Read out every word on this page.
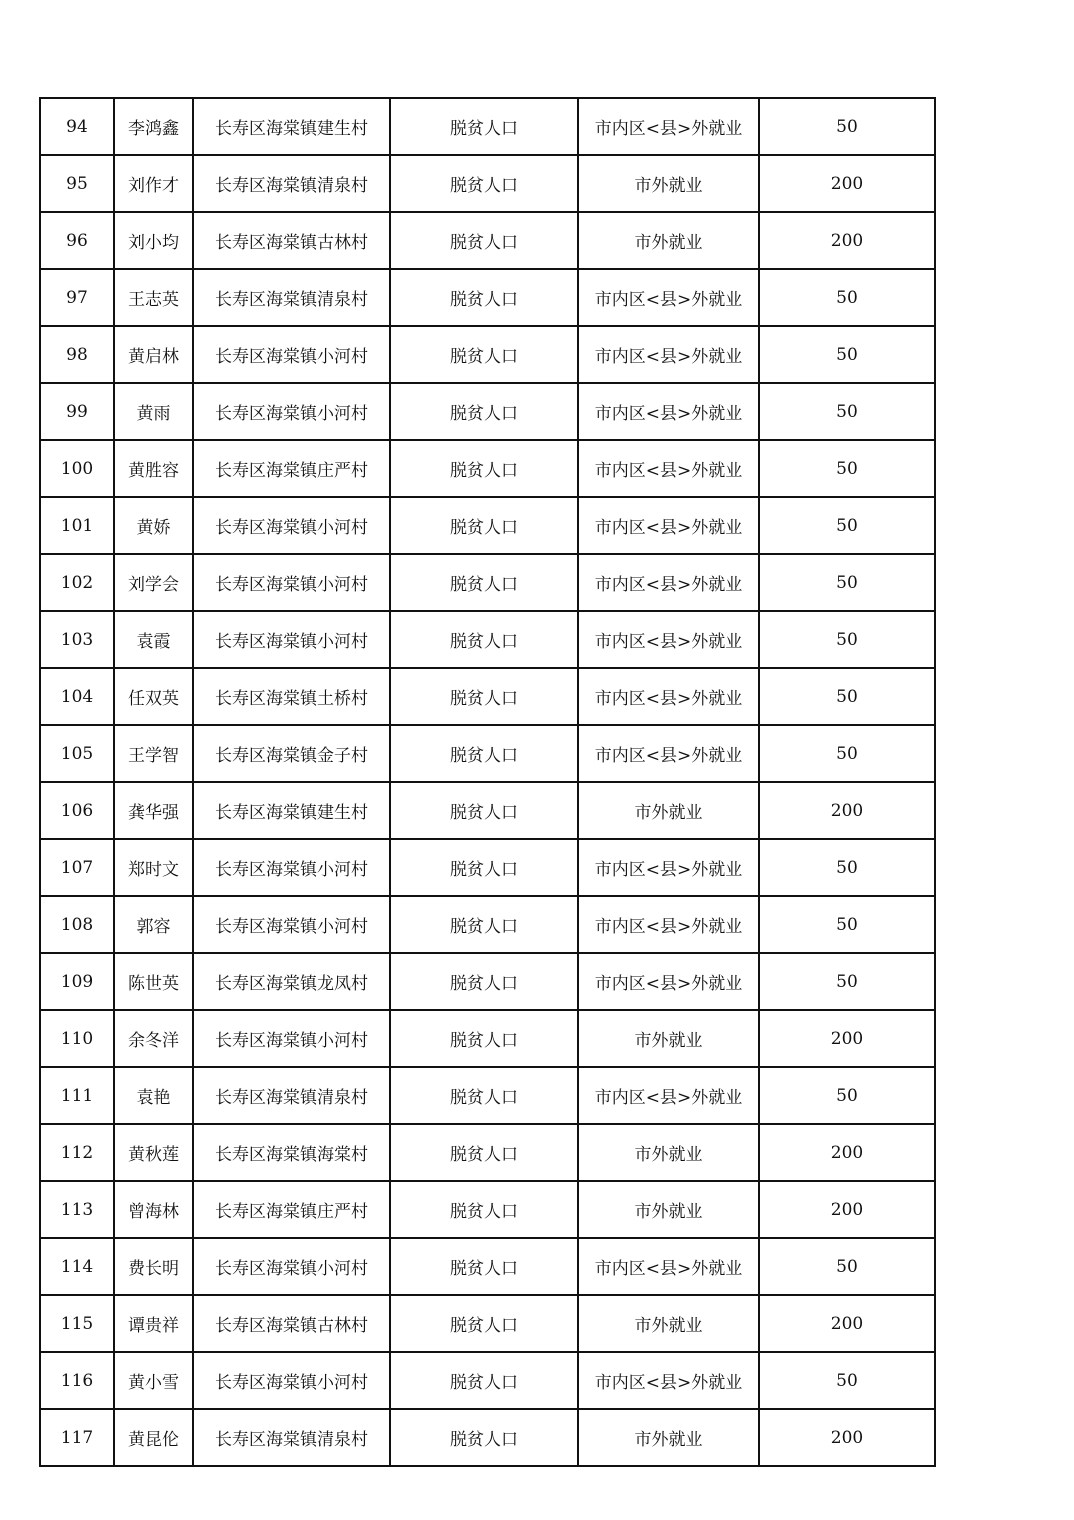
94	李鸿鑫	长寿区海棠镇建生村	脱贫人口	市内区<县>外就业	50
95	刘作才	长寿区海棠镇清泉村	脱贫人口	市外就业	200
96	刘小均	长寿区海棠镇古林村	脱贫人口	市外就业	200
97	王志英	长寿区海棠镇清泉村	脱贫人口	市内区<县>外就业	50
98	黄启林	长寿区海棠镇小河村	脱贫人口	市内区<县>外就业	50
99	黄雨	长寿区海棠镇小河村	脱贫人口	市内区<县>外就业	50
100	黄胜容	长寿区海棠镇庄严村	脱贫人口	市内区<县>外就业	50
101	黄娇	长寿区海棠镇小河村	脱贫人口	市内区<县>外就业	50
102	刘学会	长寿区海棠镇小河村	脱贫人口	市内区<县>外就业	50
103	袁霞	长寿区海棠镇小河村	脱贫人口	市内区<县>外就业	50
104	任双英	长寿区海棠镇土桥村	脱贫人口	市内区<县>外就业	50
105	王学智	长寿区海棠镇金子村	脱贫人口	市内区<县>外就业	50
106	龚华强	长寿区海棠镇建生村	脱贫人口	市外就业	200
107	郑时文	长寿区海棠镇小河村	脱贫人口	市内区<县>外就业	50
108	郭容	长寿区海棠镇小河村	脱贫人口	市内区<县>外就业	50
109	陈世英	长寿区海棠镇龙凤村	脱贫人口	市内区<县>外就业	50
110	余冬洋	长寿区海棠镇小河村	脱贫人口	市外就业	200
111	袁艳	长寿区海棠镇清泉村	脱贫人口	市内区<县>外就业	50
112	黄秋莲	长寿区海棠镇海棠村	脱贫人口	市外就业	200
113	曾海林	长寿区海棠镇庄严村	脱贫人口	市外就业	200
114	费长明	长寿区海棠镇小河村	脱贫人口	市内区<县>外就业	50
115	谭贵祥	长寿区海棠镇古林村	脱贫人口	市外就业	200
116	黄小雪	长寿区海棠镇小河村	脱贫人口	市内区<县>外就业	50
117	黄昆伦	长寿区海棠镇清泉村	脱贫人口	市外就业	200
